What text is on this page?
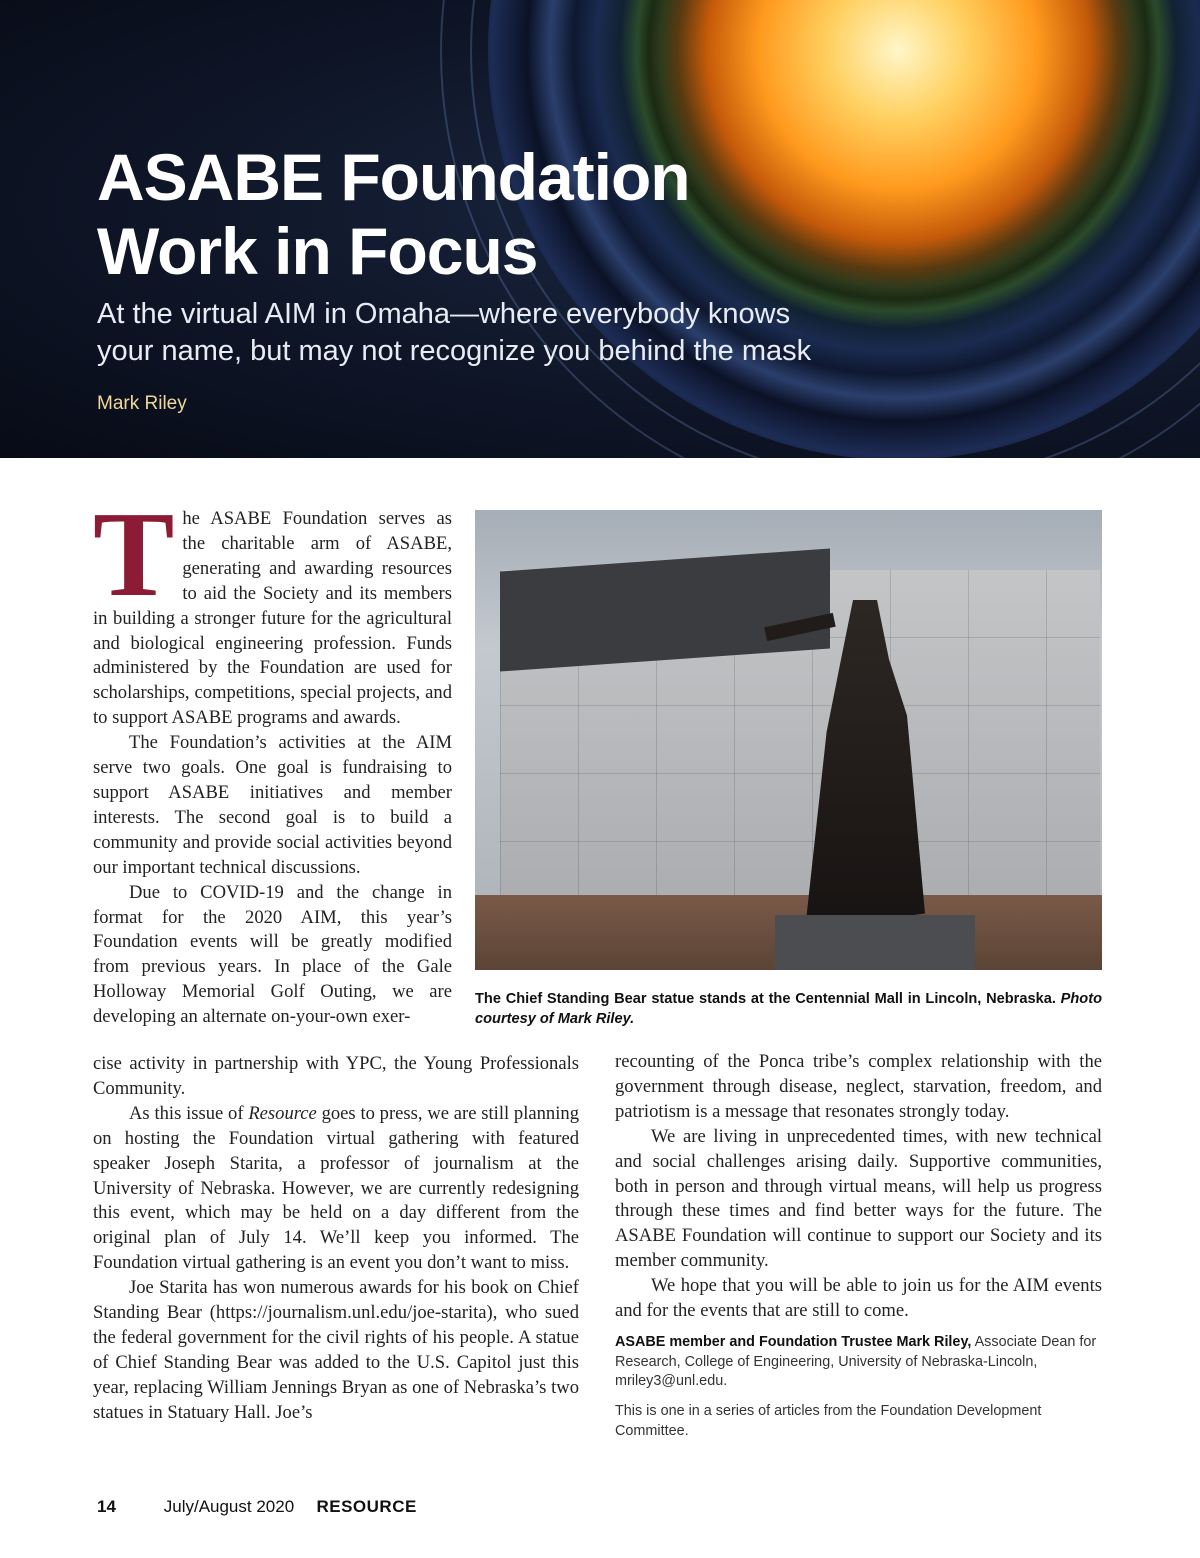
ASABE Foundation
Work in Focus

At the virtual AIM in Omaha—where everybody knows
your name, but may not recognize you behind the mask

Mark Riley

The ASABE Foundation serves as the charitable arm of ASABE, generating and awarding resources to aid the Society and its members in building a stronger future for the agricultural and biological engineering profession. Funds administered by the Foundation are used for scholarships, competitions, special projects, and to support ASABE programs and awards.

The Foundation’s activities at the AIM serve two goals. One goal is fundraising to support ASABE initiatives and member interests. The second goal is to build a community and provide social activities beyond our important technical discussions.

Due to COVID-19 and the change in format for the 2020 AIM, this year’s Foundation events will be greatly modified from previous years. In place of the Gale Holloway Memorial Golf Outing, we are developing an alternate on-your-own exer-

The Chief Standing Bear statue stands at the Centennial Mall in Lincoln, Nebraska. Photo courtesy of Mark Riley.

cise activity in partnership with YPC, the Young Professionals Community.

As this issue of Resource goes to press, we are still planning on hosting the Foundation virtual gathering with featured speaker Joseph Starita, a professor of journalism at the University of Nebraska. However, we are currently redesigning this event, which may be held on a day different from the original plan of July 14. We’ll keep you informed. The Foundation virtual gathering is an event you don’t want to miss.

Joe Starita has won numerous awards for his book on Chief Standing Bear (https://journalism.unl.edu/joe-starita), who sued the federal government for the civil rights of his people. A statue of Chief Standing Bear was added to the U.S. Capitol just this year, replacing William Jennings Bryan as one of Nebraska’s two statues in Statuary Hall. Joe’s

recounting of the Ponca tribe’s complex relationship with the government through disease, neglect, starvation, freedom, and patriotism is a message that resonates strongly today.

We are living in unprecedented times, with new technical and social challenges arising daily. Supportive communities, both in person and through virtual means, will help us progress through these times and find better ways for the future. The ASABE Foundation will continue to support our Society and its member community.

We hope that you will be able to join us for the AIM events and for the events that are still to come.

ASABE member and Foundation Trustee Mark Riley, Associate Dean for Research, College of Engineering, University of Nebraska-Lincoln, mriley3@unl.edu.

This is one in a series of articles from the Foundation Development Committee.

14	July/August 2020 RESOURCE
